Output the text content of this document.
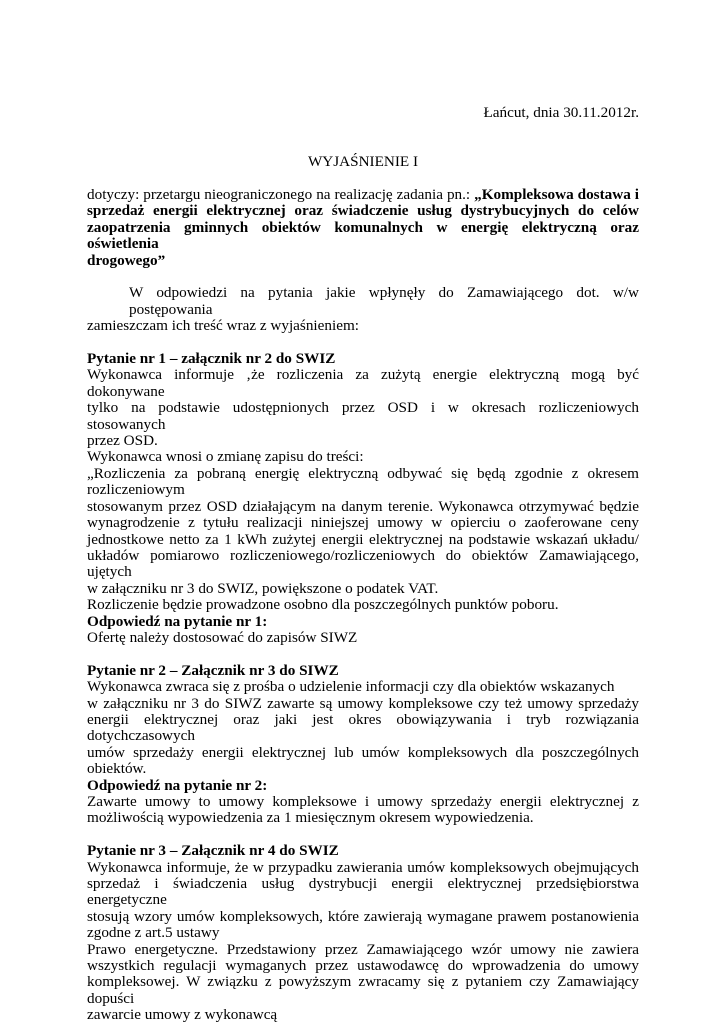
Łańcut, dnia 30.11.2012r.
WYJAŚNIENIE I
dotyczy: przetargu nieograniczonego na realizację zadania pn.: „Kompleksowa dostawa i
sprzedaż energii elektrycznej oraz świadczenie usług dystrybucyjnych do celów
zaopatrzenia gminnych obiektów komunalnych w energię elektryczną oraz oświetlenia
drogowego”
W odpowiedzi na pytania jakie wpłynęły do Zamawiającego dot. w/w postępowania
zamieszczam ich treść wraz z wyjaśnieniem:
Pytanie nr 1 – załącznik nr 2 do SWIZ
Wykonawca informuje ‚że rozliczenia za zużytą energie elektryczną mogą być dokonywane
tylko na podstawie udostępnionych przez OSD i w okresach rozliczeniowych stosowanych
przez OSD.
Wykonawca wnosi o zmianę zapisu do treści:
„Rozliczenia za pobraną energię elektryczną odbywać się będą zgodnie z okresem
rozliczeniowym
stosowanym przez OSD działającym na danym terenie. Wykonawca otrzymywać będzie
wynagrodzenie z tytułu realizacji niniejszej umowy w opierciu o zaoferowane ceny
jednostkowe netto za 1 kWh zużytej energii elektrycznej na podstawie wskazań układu/
układów pomiarowo rozliczeniowego/rozliczeniowych do obiektów Zamawiającego, ujętych
w załączniku nr 3 do SWIZ, powiększone o podatek VAT.
Rozliczenie będzie prowadzone osobno dla poszczególnych punktów poboru.
Odpowiedź na pytanie nr 1:
Ofertę należy dostosować do zapisów SIWZ
Pytanie nr 2 – Załącznik nr 3 do SIWZ
Wykonawca zwraca się z prośba o udzielenie informacji czy dla obiektów wskazanych
w załączniku nr 3 do SIWZ zawarte są umowy kompleksowe czy też umowy sprzedaży
energii elektrycznej oraz jaki jest okres obowiązywania i tryb rozwiązania dotychczasowych
umów sprzedaży energii elektrycznej lub umów kompleksowych dla poszczególnych
obiektów.
Odpowiedź na pytanie nr 2:
Zawarte umowy to umowy kompleksowe i umowy sprzedaży energii elektrycznej z
możliwością wypowiedzenia za 1 miesięcznym okresem wypowiedzenia.
Pytanie nr 3 – Załącznik nr 4 do SWIZ
Wykonawca informuje, że w przypadku zawierania umów kompleksowych obejmujących
sprzedaż i świadczenia usług dystrybucji energii elektrycznej przedsiębiorstwa energetyczne
stosują wzory umów kompleksowych, które zawierają wymagane prawem postanowienia
zgodne z art.5 ustawy
Prawo energetyczne. Przedstawiony przez Zamawiającego wzór umowy nie zawiera
wszystkich regulacji wymaganych przez ustawodawcę do wprowadzenia do umowy
kompleksowej. W związku z powyższym zwracamy się z pytaniem czy Zamawiający dopuści
zawarcie umowy z wykonawcą
